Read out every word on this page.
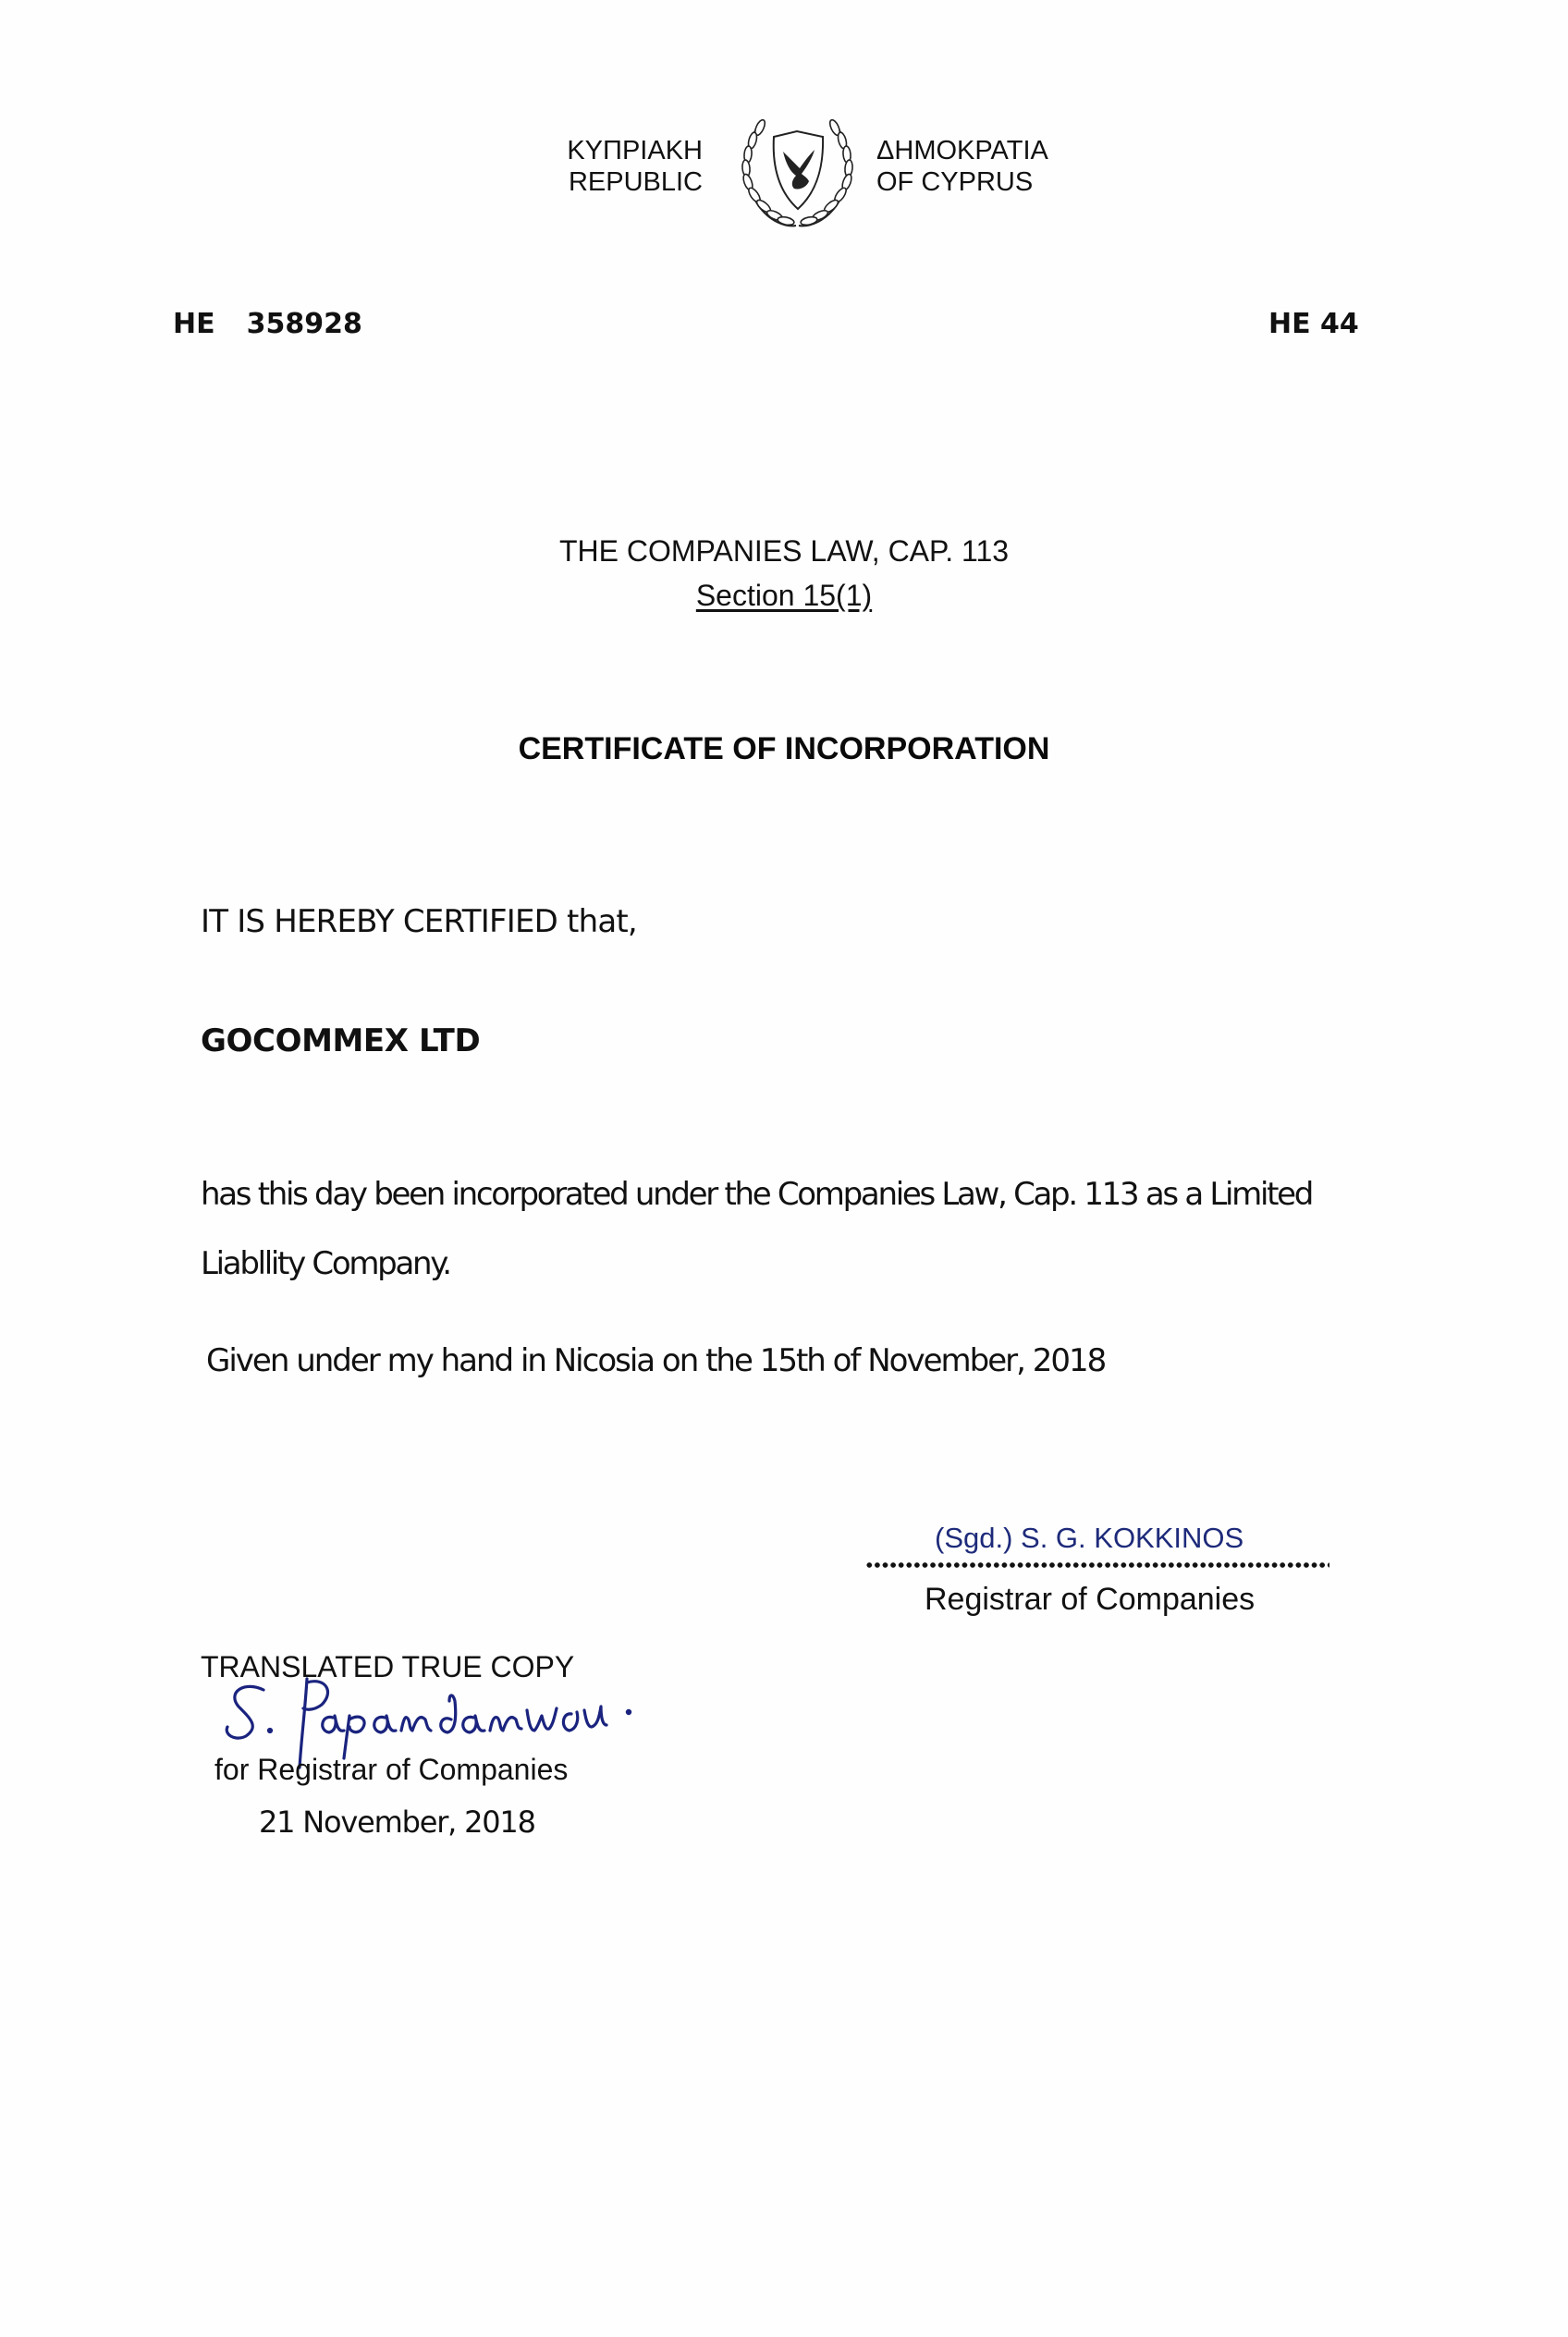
ΚΥΠΡΙΑΚΗ
REPUBLIC
ΔΗΜΟΚΡΑΤΙΑ
OF CYPRUS
HE 358928	HE 44
THE COMPANIES LAW, CAP. 113
Section 15(1)
CERTIFICATE OF INCORPORATION
IT IS HEREBY CERTIFIED that,
GOCOMMEX LTD
has this day been incorporated under the Companies Law, Cap. 113 as a Limited
Liabllity Company.
Given under my hand in Nicosia on the 15th of November, 2018
(Sgd.) S. G. KOKKINOS
Registrar of Companies
TRANSLATED TRUE COPY
for Registrar of Companies
21 November, 2018
